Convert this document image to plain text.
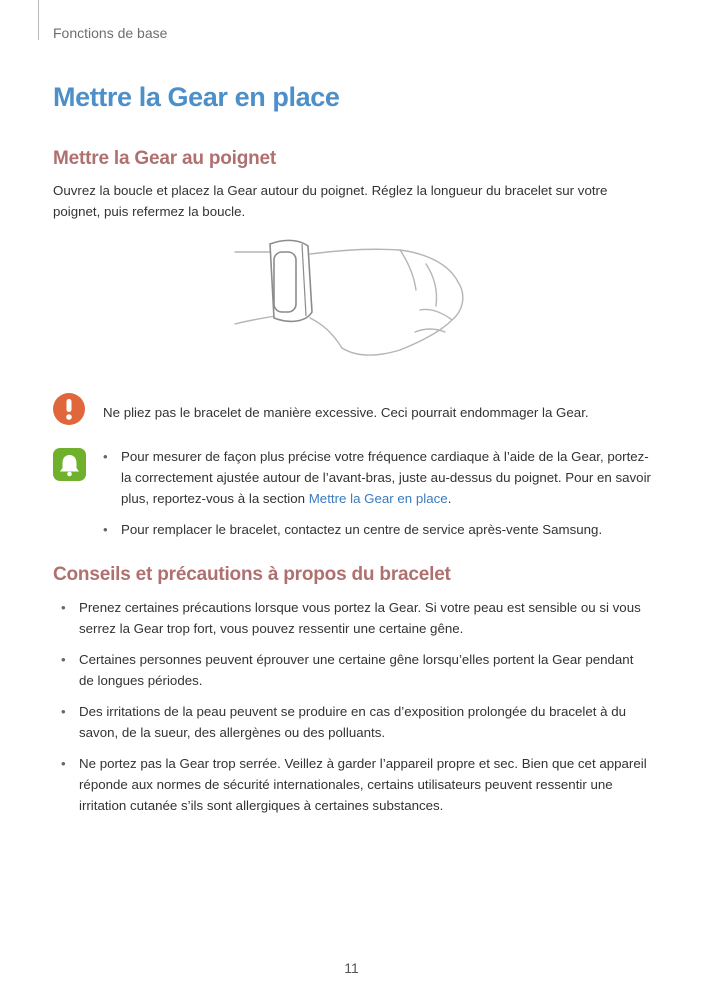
Fonctions de base
Mettre la Gear en place
Mettre la Gear au poignet

Ouvrez la boucle et placez la Gear autour du poignet. Réglez la longueur du bracelet sur votre poignet, puis refermez la boucle.

Ne pliez pas le bracelet de manière excessive. Ceci pourrait endommager la Gear.

• Pour mesurer de façon plus précise votre fréquence cardiaque à l’aide de la Gear, portez-la correctement ajustée autour de l’avant-bras, juste au-dessus du poignet. Pour en savoir plus, reportez-vous à la section Mettre la Gear en place.
• Pour remplacer le bracelet, contactez un centre de service après-vente Samsung.
Conseils et précautions à propos du bracelet
• Prenez certaines précautions lorsque vous portez la Gear. Si votre peau est sensible ou si vous serrez la Gear trop fort, vous pouvez ressentir une certaine gêne.
• Certaines personnes peuvent éprouver une certaine gêne lorsqu’elles portent la Gear pendant de longues périodes.
• Des irritations de la peau peuvent se produire en cas d’exposition prolongée du bracelet à du savon, de la sueur, des allergènes ou des polluants.
• Ne portez pas la Gear trop serrée. Veillez à garder l’appareil propre et sec. Bien que cet appareil réponde aux normes de sécurité internationales, certains utilisateurs peuvent ressentir une irritation cutanée s’ils sont allergiques à certaines substances.
11
